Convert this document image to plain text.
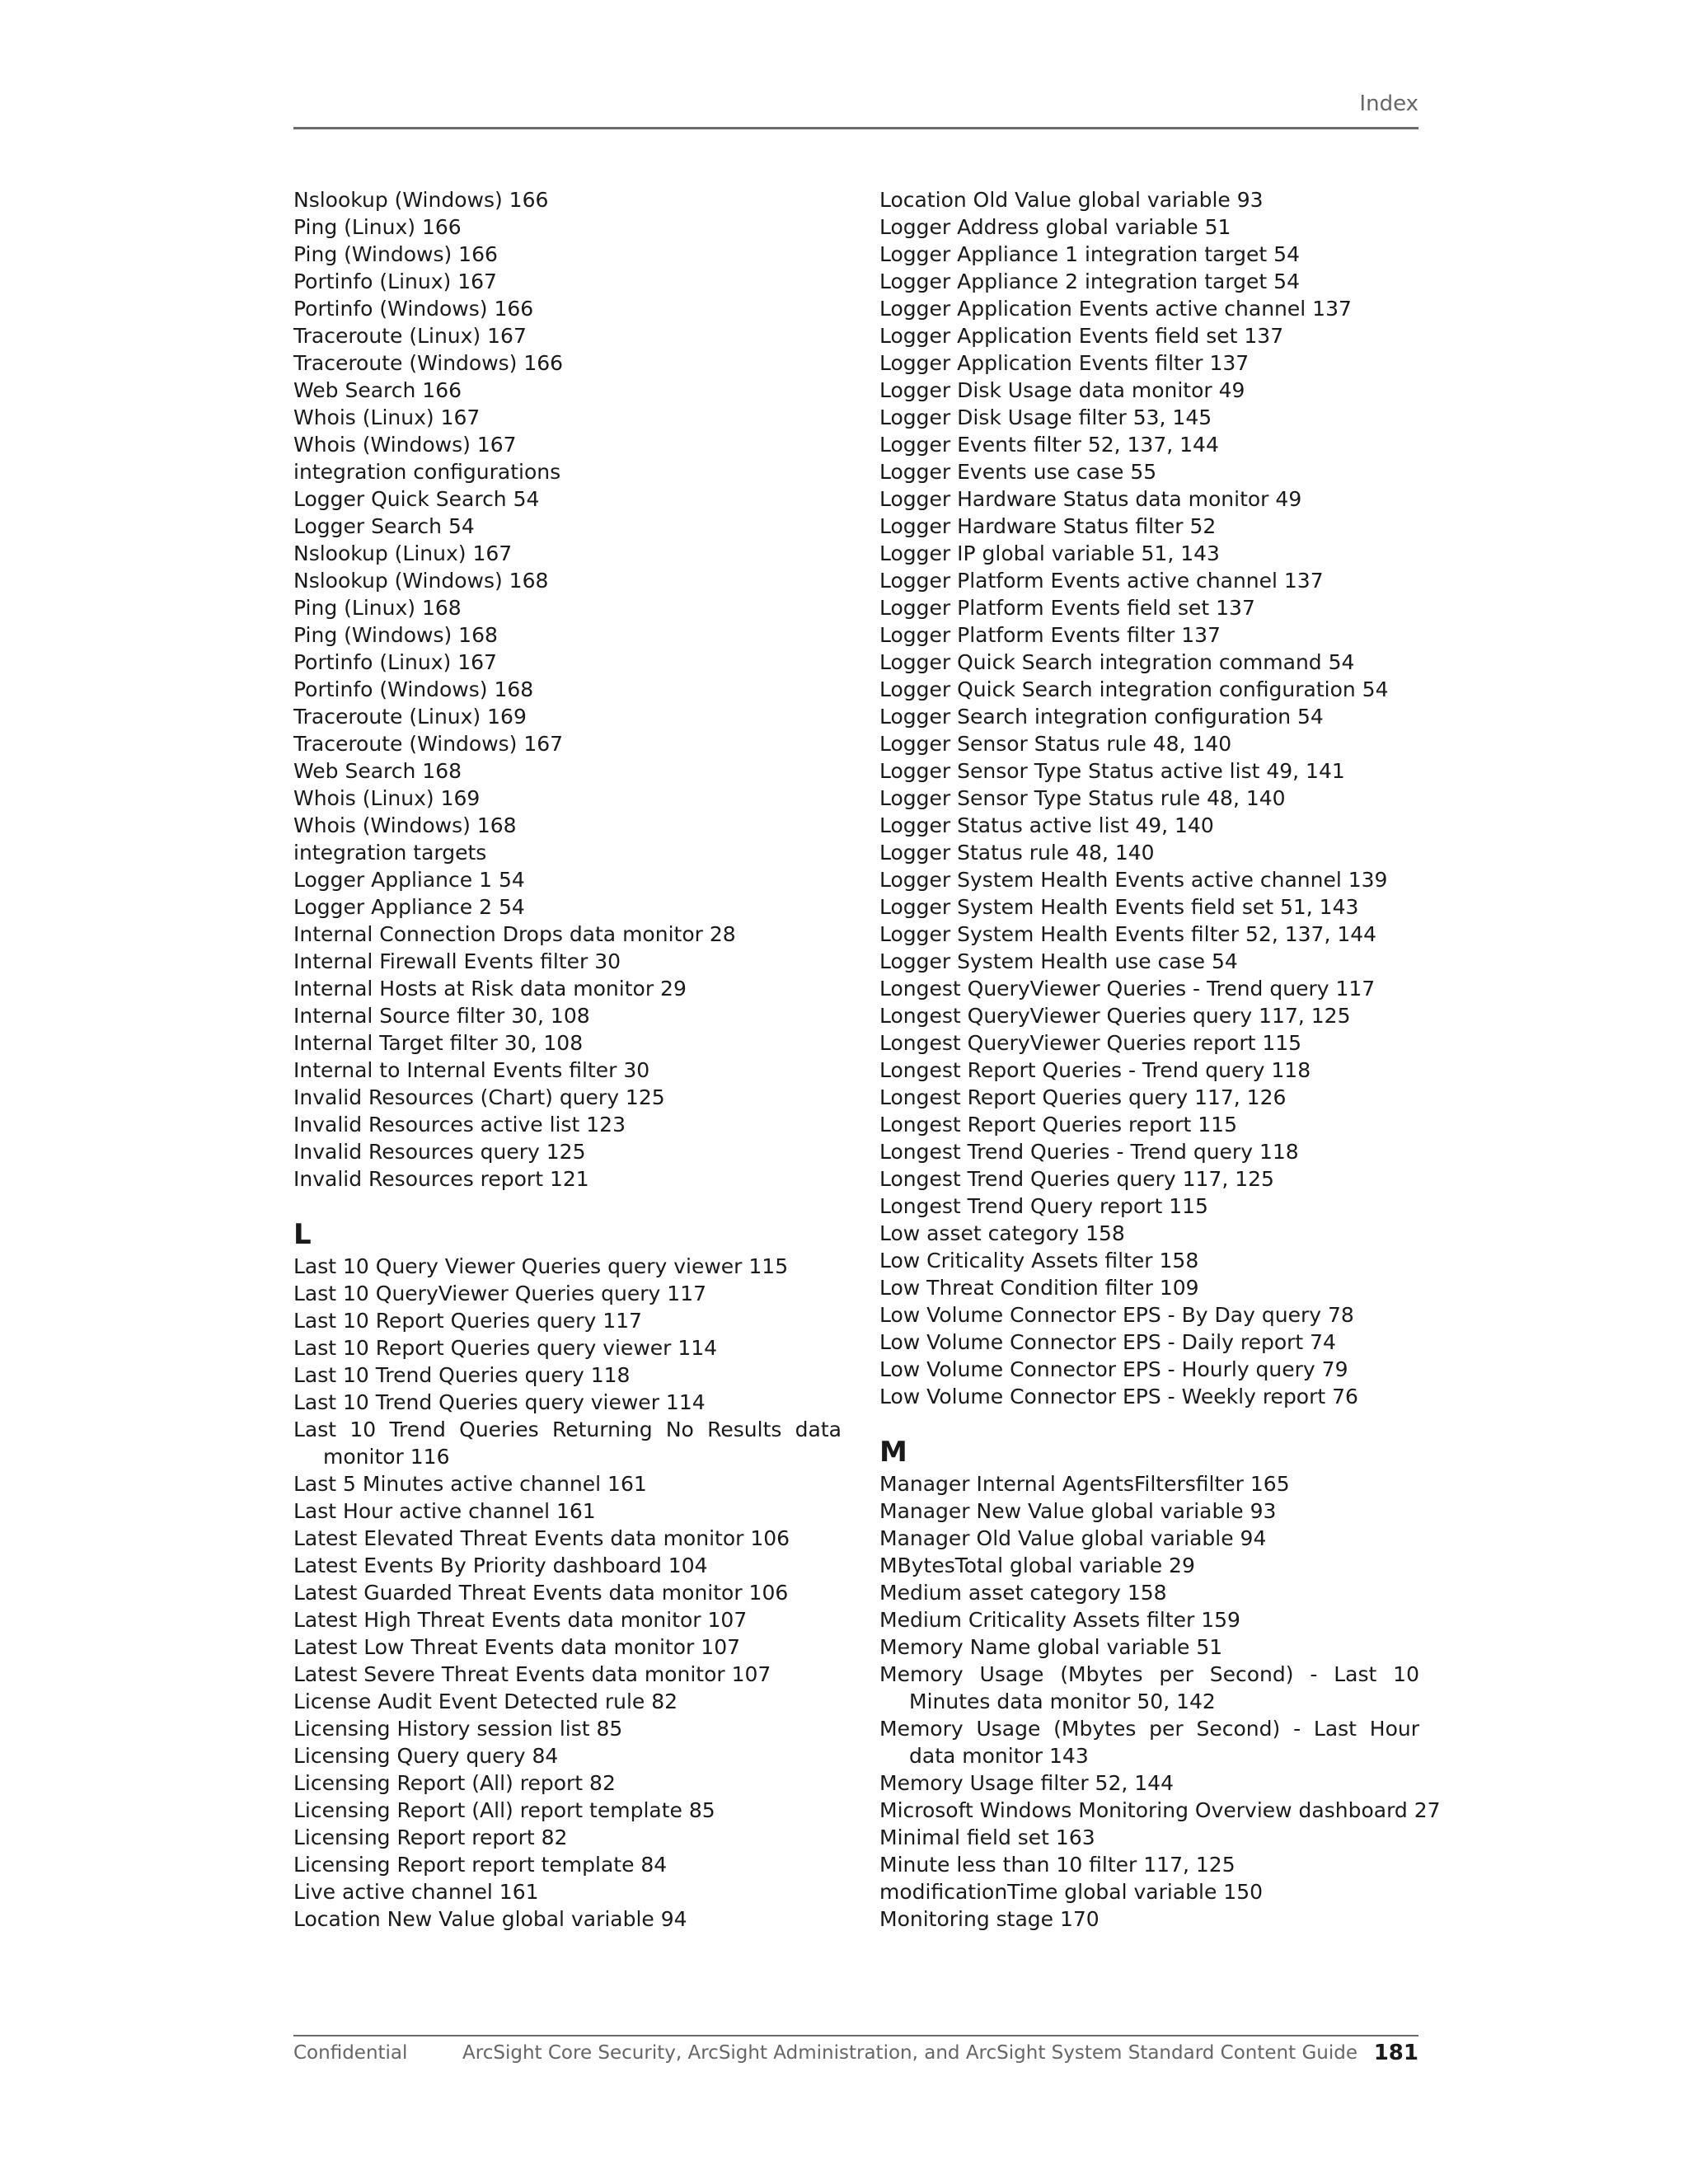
Index
Nslookup (Windows) 166
Ping (Linux) 166
Ping (Windows) 166
Portinfo (Linux) 167
Portinfo (Windows) 166
Traceroute (Linux) 167
Traceroute (Windows) 166
Web Search 166
Whois (Linux) 167
Whois (Windows) 167
integration configurations
Logger Quick Search 54
Logger Search 54
Nslookup (Linux) 167
Nslookup (Windows) 168
Ping (Linux) 168
Ping (Windows) 168
Portinfo (Linux) 167
Portinfo (Windows) 168
Traceroute (Linux) 169
Traceroute (Windows) 167
Web Search 168
Whois (Linux) 169
Whois (Windows) 168
integration targets
Logger Appliance 1 54
Logger Appliance 2 54
Internal Connection Drops data monitor 28
Internal Firewall Events filter 30
Internal Hosts at Risk data monitor 29
Internal Source filter 30, 108
Internal Target filter 30, 108
Internal to Internal Events filter 30
Invalid Resources (Chart) query 125
Invalid Resources active list 123
Invalid Resources query 125
Invalid Resources report 121
L
Last 10 Query Viewer Queries query viewer 115
Last 10 QueryViewer Queries query 117
Last 10 Report Queries query 117
Last 10 Report Queries query viewer 114
Last 10 Trend Queries query 118
Last 10 Trend Queries query viewer 114
Last 10 Trend Queries Returning No Results data monitor 116
Last 5 Minutes active channel 161
Last Hour active channel 161
Latest Elevated Threat Events data monitor 106
Latest Events By Priority dashboard 104
Latest Guarded Threat Events data monitor 106
Latest High Threat Events data monitor 107
Latest Low Threat Events data monitor 107
Latest Severe Threat Events data monitor 107
License Audit Event Detected rule 82
Licensing History session list 85
Licensing Query query 84
Licensing Report (All) report 82
Licensing Report (All) report template 85
Licensing Report report 82
Licensing Report report template 84
Live active channel 161
Location New Value global variable 94
Location Old Value global variable 93
Logger Address global variable 51
Logger Appliance 1 integration target 54
Logger Appliance 2 integration target 54
Logger Application Events active channel 137
Logger Application Events field set 137
Logger Application Events filter 137
Logger Disk Usage data monitor 49
Logger Disk Usage filter 53, 145
Logger Events filter 52, 137, 144
Logger Events use case 55
Logger Hardware Status data monitor 49
Logger Hardware Status filter 52
Logger IP global variable 51, 143
Logger Platform Events active channel 137
Logger Platform Events field set 137
Logger Platform Events filter 137
Logger Quick Search integration command 54
Logger Quick Search integration configuration 54
Logger Search integration configuration 54
Logger Sensor Status rule 48, 140
Logger Sensor Type Status active list 49, 141
Logger Sensor Type Status rule 48, 140
Logger Status active list 49, 140
Logger Status rule 48, 140
Logger System Health Events active channel 139
Logger System Health Events field set 51, 143
Logger System Health Events filter 52, 137, 144
Logger System Health use case 54
Longest QueryViewer Queries - Trend query 117
Longest QueryViewer Queries query 117, 125
Longest QueryViewer Queries report 115
Longest Report Queries - Trend query 118
Longest Report Queries query 117, 126
Longest Report Queries report 115
Longest Trend Queries - Trend query 118
Longest Trend Queries query 117, 125
Longest Trend Query report 115
Low asset category 158
Low Criticality Assets filter 158
Low Threat Condition filter 109
Low Volume Connector EPS - By Day query 78
Low Volume Connector EPS - Daily report 74
Low Volume Connector EPS - Hourly query 79
Low Volume Connector EPS - Weekly report 76
M
Manager Internal AgentsFiltersfilter 165
Manager New Value global variable 93
Manager Old Value global variable 94
MBytesTotal global variable 29
Medium asset category 158
Medium Criticality Assets filter 159
Memory Name global variable 51
Memory Usage (Mbytes per Second) - Last 10 Minutes data monitor 50, 142
Memory Usage (Mbytes per Second) - Last Hour data monitor 143
Memory Usage filter 52, 144
Microsoft Windows Monitoring Overview dashboard 27
Minimal field set 163
Minute less than 10 filter 117, 125
modificationTime global variable 150
Monitoring stage 170
Confidential	ArcSight Core Security, ArcSight Administration, and ArcSight System Standard Content Guide 181
